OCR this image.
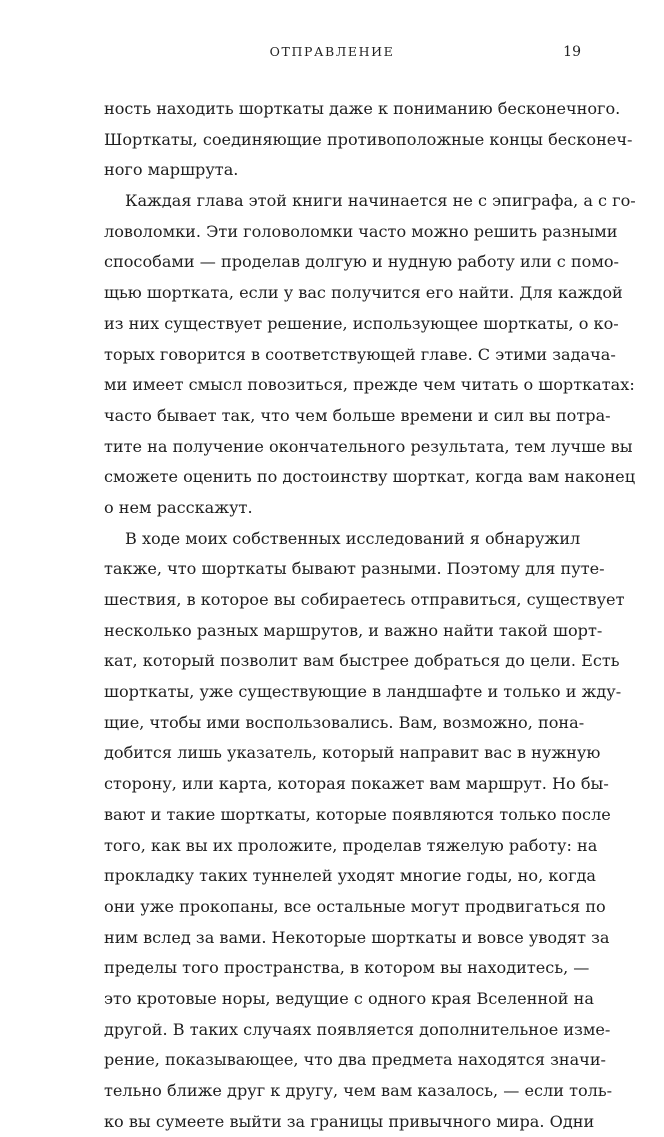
ОТПРАВЛЕНИЕ	19
ность находить шорткаты даже к пониманию бесконечного.
Шорткаты, соединяющие противоположные концы бесконеч-
ного маршрута.
Каждая глава этой книги начинается не с эпиграфа, а с го-
ловоломки. Эти головоломки часто можно решить разными
способами — проделав долгую и нудную работу или с помо-
щью шорткатa, если у вас получится его найти. Для каждой
из них существует решение, использующее шорткаты, о ко-
торых говорится в соответствующей главе. С этими задача-
ми имеет смысл повозиться, прежде чем читать о шорткатах:
часто бывает так, что чем больше времени и сил вы потра-
тите на получение окончательного результата, тем лучше вы
сможете оценить по достоинству шорткат, когда вам наконец
о нем расскажут.
В ходе моих собственных исследований я обнаружил
также, что шорткаты бывают разными. Поэтому для путе-
шествия, в которое вы собираетесь отправиться, существует
несколько разных маршрутов, и важно найти такой шорт-
кат, который позволит вам быстрее добраться до цели. Есть
шорткаты, уже существующие в ландшафте и только и жду-
щие, чтобы ими воспользовались. Вам, возможно, пона-
добится лишь указатель, который направит вас в нужную
сторону, или карта, которая покажет вам маршрут. Но бы-
вают и такие шорткаты, которые появляются только после
того, как вы их проложите, проделав тяжелую работу: на
прокладку таких туннелей уходят многие годы, но, когда
они уже прокопаны, все остальные могут продвигаться по
ним вслед за вами. Некоторые шорткаты и вовсе уводят за
пределы того пространства, в котором вы находитесь, —
это кротовые норы, ведущие с одного края Вселенной на
другой. В таких случаях появляется дополнительное изме-
рение, показывающее, что два предмета находятся значи-
тельно ближе друг к другу, чем вам казалось, — если толь-
ко вы сумеете выйти за границы привычного мира. Одни
